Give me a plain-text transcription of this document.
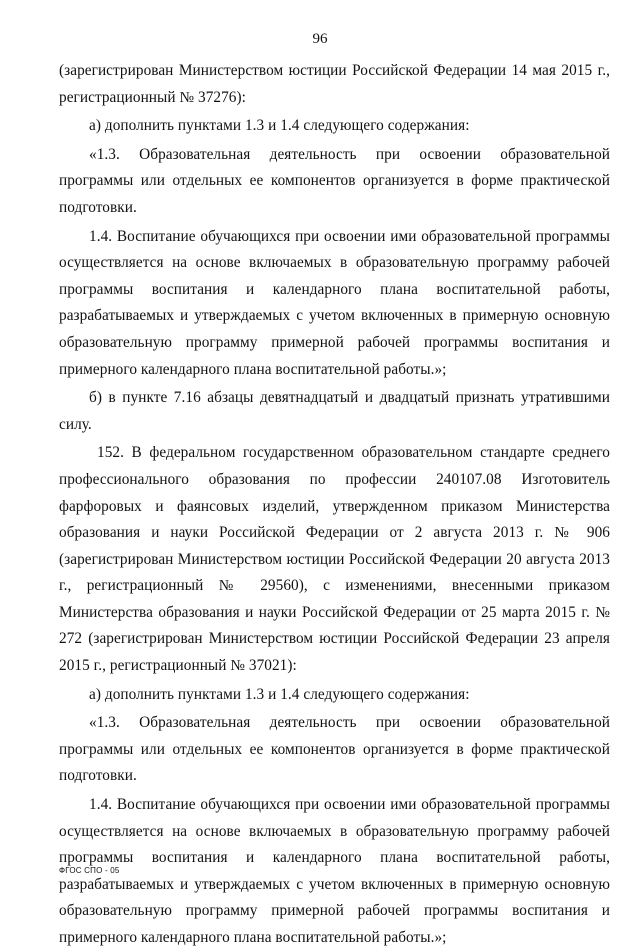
96

(зарегистрирован Министерством юстиции Российской Федерации 14 мая 2015 г., регистрационный № 37276):

а) дополнить пунктами 1.3 и 1.4 следующего содержания:

«1.3. Образовательная деятельность при освоении образовательной программы или отдельных ее компонентов организуется в форме практической подготовки.

1.4. Воспитание обучающихся при освоении ими образовательной программы осуществляется на основе включаемых в образовательную программу рабочей программы воспитания и календарного плана воспитательной работы, разрабатываемых и утверждаемых с учетом включенных в примерную основную образовательную программу примерной рабочей программы воспитания и примерного календарного плана воспитательной работы.»;

б) в пункте 7.16 абзацы девятнадцатый и двадцатый признать утратившими силу.

152. В федеральном государственном образовательном стандарте среднего профессионального образования по профессии 240107.08 Изготовитель фарфоровых и фаянсовых изделий, утвержденном приказом Министерства образования и науки Российской Федерации от 2 августа 2013 г. № 906 (зарегистрирован Министерством юстиции Российской Федерации 20 августа 2013 г., регистрационный № 29560), с изменениями, внесенными приказом Министерства образования и науки Российской Федерации от 25 марта 2015 г. № 272 (зарегистрирован Министерством юстиции Российской Федерации 23 апреля 2015 г., регистрационный № 37021):

а) дополнить пунктами 1.3 и 1.4 следующего содержания:

«1.3. Образовательная деятельность при освоении образовательной программы или отдельных ее компонентов организуется в форме практической подготовки.

1.4. Воспитание обучающихся при освоении ими образовательной программы осуществляется на основе включаемых в образовательную программу рабочей программы воспитания и календарного плана воспитательной работы, разрабатываемых и утверждаемых с учетом включенных в примерную основную образовательную программу примерной рабочей программы воспитания и примерного календарного плана воспитательной работы.»;

ФГОС СПО - 05
